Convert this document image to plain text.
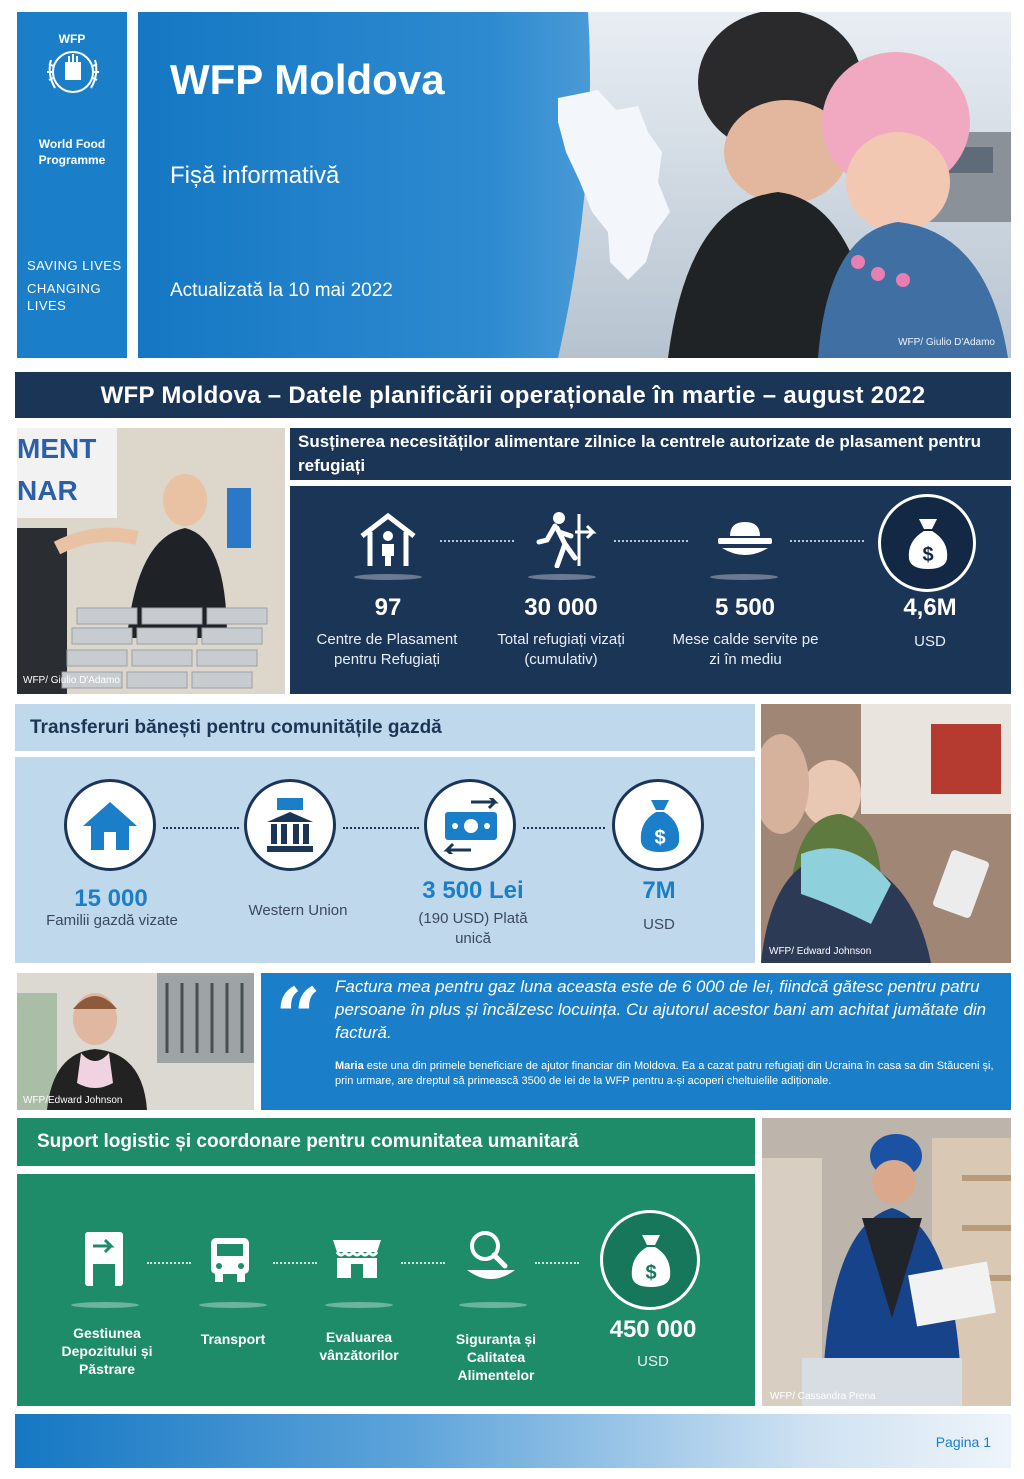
WFP
World Food Programme
SAVING LIVES
CHANGING LIVES
WFP Moldova
Fișă informativă
Actualizată la 10 mai 2022
WFP/ Giulio D'Adamo
WFP Moldova – Datele planificării operaționale în martie – august 2022
MENT
NAR
WFP/ Giulio D'Adamo
Susținerea necesităților alimentare zilnice la centrele autorizate de plasament pentru refugiați
$
97	30 000	5 500	4,6M
Centre de Plasament pentru Refugiați
Total refugiați vizați (cumulativ)
Mese calde servite pe zi în mediu
USD
Transferuri bănești pentru comunitățile gazdă
$
15 000
Familii gazdă vizate
Western Union
3 500 Lei
(190 USD) Plată unică
7M
USD
WFP/ Edward Johnson
WFP/Edward Johnson
“ Factura mea pentru gaz luna aceasta este de 6 000 de lei, fiindcă gătesc pentru patru persoane în plus și încălzesc locuința. Cu ajutorul acestor bani am achitat jumătate din factură.
Maria este una din primele beneficiare de ajutor financiar din Moldova. Ea a cazat patru refugiați din Ucraina în casa sa din Stăuceni și, prin urmare, are dreptul să primească 3500 de lei de la WFP pentru a-și acoperi cheltuielile adiționale.
Suport logistic și coordonare pentru comunitatea umanitară
$
Gestiunea Depozitului și Păstrare
Transport	Evaluarea vânzătorilor
Siguranța și Calitatea Alimentelor
450 000
USD
WFP/ Cassandra Prena
Pagina 1
